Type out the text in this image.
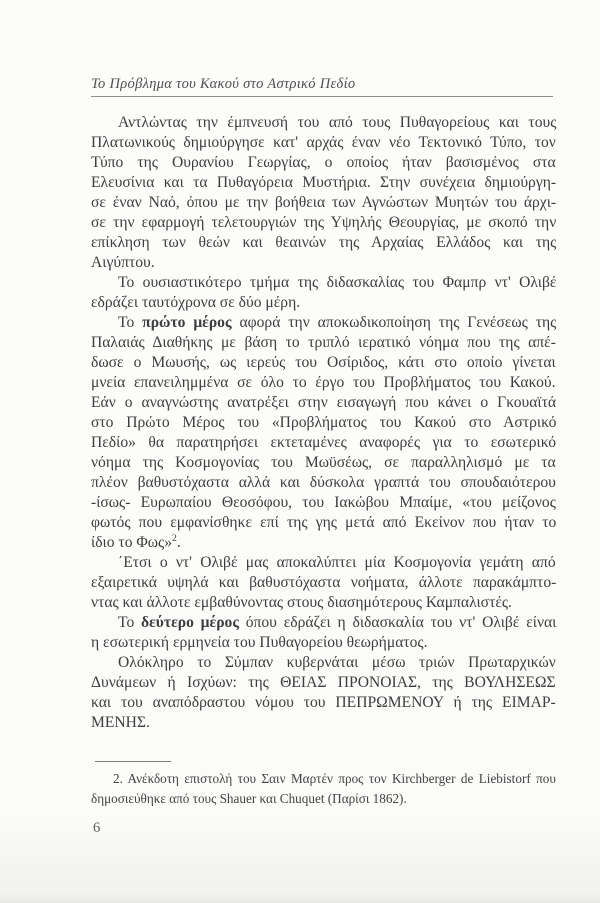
Το Πρόβλημα του Κακού στο Αστρικό Πεδίο
Αντλώντας την έμπνευσή του από τους Πυθαγορείους και τους
Πλατωνικούς δημιούργησε κατ' αρχάς έναν νέο Τεκτονικό Τύπο, τον
Τύπο της Ουρανίου Γεωργίας, ο οποίος ήταν βασισμένος στα
Ελευσίνια και τα Πυθαγόρεια Μυστήρια. Στην συνέχεια δημιούργη-
σε έναν Ναό, όπου με την βοήθεια των Αγνώστων Μυητών του άρχι-
σε την εφαρμογή τελετουργιών της Υψηλής Θεουργίας, με σκοπό την
επίκληση των θεών και θεαινών της Αρχαίας Ελλάδος και της
Αιγύπτου.
Το ουσιαστικότερο τμήμα της διδασκαλίας του Φαμπρ ντ' Ολιβέ
εδράζει ταυτόχρονα σε δύο μέρη.
Το πρώτο μέρος αφορά την αποκωδικοποίηση της Γενέσεως της
Παλαιάς Διαθήκης με βάση το τριπλό ιερατικό νόημα που της απέ-
δωσε ο Μωυσής, ως ιερεύς του Οσίριδος, κάτι στο οποίο γίνεται
μνεία επανειλημμένα σε όλο το έργο του Προβλήματος του Κακού.
Εάν ο αναγνώστης ανατρέξει στην εισαγωγή που κάνει ο Γκουαϊτά
στο Πρώτο Μέρος του «Προβλήματος του Κακού στο Αστρικό
Πεδίο» θα παρατηρήσει εκτεταμένες αναφορές για το εσωτερικό
νόημα της Κοσμογονίας του Μωϋσέως, σε παραλληλισμό με τα
πλέον βαθυστόχαστα αλλά και δύσκολα γραπτά του σπουδαιότερου
-ίσως- Ευρωπαίου Θεοσόφου, του Ιακώβου Μπαίμε, «του μείζονος
φωτός που εμφανίσθηκε επί της γης μετά από Εκείνον που ήταν το
ίδιο το Φως»$^2$.
΄Ετσι ο ντ' Ολιβέ μας αποκαλύπτει μία Κοσμογονία γεμάτη από
εξαιρετικά υψηλά και βαθυστόχαστα νοήματα, άλλοτε παρακάμπτο-
ντας και άλλοτε εμβαθύνοντας στους διασημότερους Καμπαλιστές.
Το δεύτερο μέρος όπου εδράζει η διδασκαλία του ντ' Ολιβέ είναι
η εσωτερική ερμηνεία του Πυθαγορείου θεωρήματος.
Ολόκληρο το Σύμπαν κυβερνάται μέσω τριών Πρωταρχικών
Δυνάμεων ή Ισχύων: της ΘΕΙΑΣ ΠΡΟΝΟΙΑΣ, της ΒΟΥΛΗΣΕΩΣ
και του αναπόδραστου νόμου του ΠΕΠΡΩΜΕΝΟΥ ή της ΕΙΜΑΡ-
ΜΕΝΗΣ.
2. Ανέκδοτη επιστολή του Σαιν Μαρτέν προς τον Kirchberger de Liebistorf που
δημοσιεύθηκε από τους Shauer και Chuquet (Παρίσι 1862).
6
